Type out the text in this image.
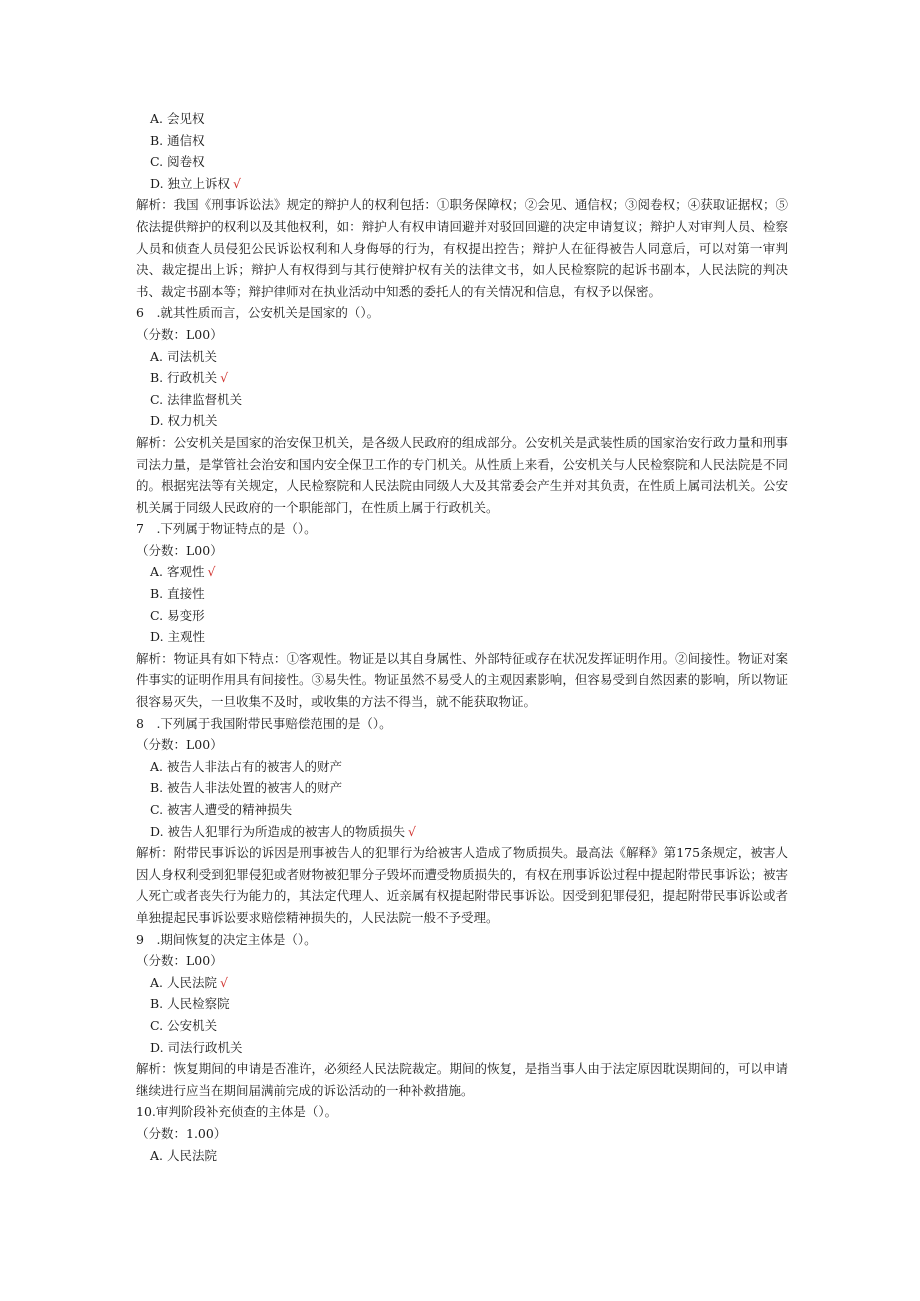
A. 会见权
B. 通信权
C. 阅卷权
D. 独立上诉权 √
解析：我国《刑事诉讼法》规定的辩护人的权利包括：①职务保障权；②会见、通信权；③阅卷权；④获取证据权；⑤依法提供辩护的权利以及其他权利，如：辩护人有权申请回避并对驳回回避的决定申请复议；辩护人对审判人员、检察人员和侦查人员侵犯公民诉讼权利和人身侮辱的行为，有权提出控告；辩护人在征得被告人同意后，可以对第一审判决、裁定提出上诉；辩护人有权得到与其行使辩护权有关的法律文书，如人民检察院的起诉书副本，人民法院的判决书、裁定书副本等；辩护律师对在执业活动中知悉的委托人的有关情况和信息，有权予以保密。
6　.就其性质而言，公安机关是国家的（）。
（分数：L00）
A. 司法机关
B. 行政机关 √
C. 法律监督机关
D. 权力机关
解析：公安机关是国家的治安保卫机关，是各级人民政府的组成部分。公安机关是武装性质的国家治安行政力量和刑事司法力量，是掌管社会治安和国内安全保卫工作的专门机关。从性质上来看，公安机关与人民检察院和人民法院是不同的。根据宪法等有关规定，人民检察院和人民法院由同级人大及其常委会产生并对其负责，在性质上属司法机关。公安机关属于同级人民政府的一个职能部门，在性质上属于行政机关。
7　.下列属于物证特点的是（）。
（分数：L00）
A. 客观性 √
B. 直接性
C. 易变形
D. 主观性
解析：物证具有如下特点：①客观性。物证是以其自身属性、外部特征或存在状况发挥证明作用。②间接性。物证对案件事实的证明作用具有间接性。③易失性。物证虽然不易受人的主观因素影响，但容易受到自然因素的影响，所以物证很容易灭失，一旦收集不及时，或收集的方法不得当，就不能获取物证。
8　.下列属于我国附带民事赔偿范围的是（）。
（分数：L00）
A. 被告人非法占有的被害人的财产
B. 被告人非法处置的被害人的财产
C. 被害人遭受的精神损失
D. 被告人犯罪行为所造成的被害人的物质损失 √
解析：附带民事诉讼的诉因是刑事被告人的犯罪行为给被害人造成了物质损失。最高法《解释》第175条规定，被害人因人身权利受到犯罪侵犯或者财物被犯罪分子毁坏而遭受物质损失的，有权在刑事诉讼过程中提起附带民事诉讼；被害人死亡或者丧失行为能力的，其法定代理人、近亲属有权提起附带民事诉讼。因受到犯罪侵犯，提起附带民事诉讼或者单独提起民事诉讼要求赔偿精神损失的，人民法院一般不予受理。
9　.期间恢复的决定主体是（）。
（分数：L00）
A. 人民法院 √
B. 人民检察院
C. 公安机关
D. 司法行政机关
解析：恢复期间的申请是否准许，必须经人民法院裁定。期间的恢复，是指当事人由于法定原因耽误期间的，可以申请继续进行应当在期间届满前完成的诉讼活动的一种补救措施。
10.审判阶段补充侦查的主体是（）。
（分数：1.00）
A. 人民法院
